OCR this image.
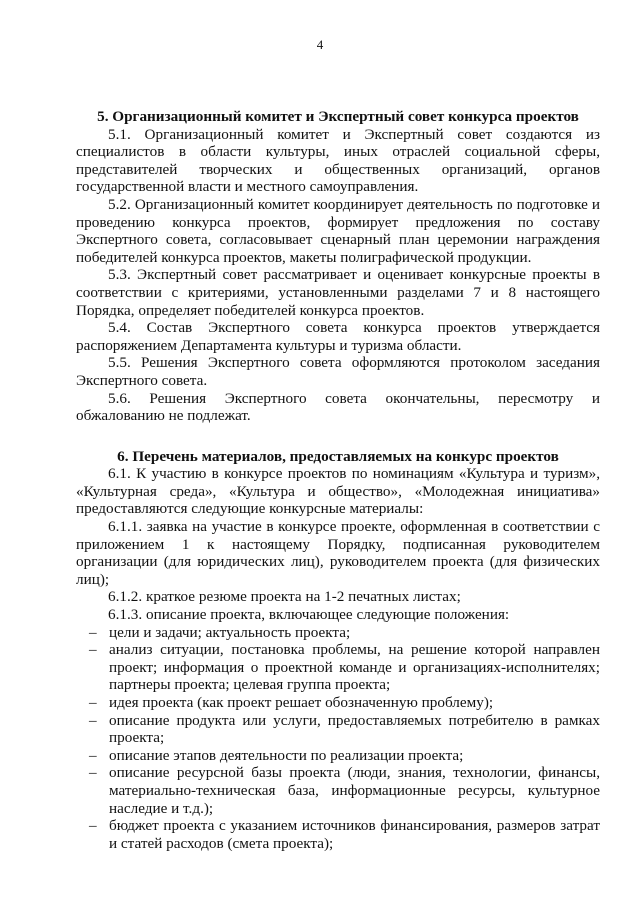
4
5. Организационный комитет и Экспертный совет конкурса проектов

5.1. Организационный комитет и Экспертный совет создаются из специалистов в области культуры, иных отраслей социальной сферы, представителей творческих и общественных организаций, органов государственной власти и местного самоуправления.

5.2. Организационный комитет координирует деятельность по подготовке и проведению конкурса проектов, формирует предложения по составу Экспертного совета, согласовывает сценарный план церемонии награждения победителей конкурса проектов, макеты полиграфической продукции.

5.3. Экспертный совет рассматривает и оценивает конкурсные проекты в соответствии с критериями, установленными разделами 7 и 8 настоящего Порядка, определяет победителей конкурса проектов.

5.4. Состав Экспертного совета конкурса проектов утверждается распоряжением Департамента культуры и туризма области.

5.5. Решения Экспертного совета оформляются протоколом заседания Экспертного совета.

5.6. Решения Экспертного совета окончательны, пересмотру и обжалованию не подлежат.

6. Перечень материалов, предоставляемых на конкурс проектов

6.1. К участию в конкурсе проектов по номинациям «Культура и туризм», «Культурная среда», «Культура и общество», «Молодежная инициатива» предоставляются следующие конкурсные материалы:

6.1.1. заявка на участие в конкурсе проекте, оформленная в соответствии с приложением 1 к настоящему Порядку, подписанная руководителем организации (для юридических лиц), руководителем проекта (для физических лиц);

6.1.2. краткое резюме проекта на 1-2 печатных листах;

6.1.3. описание проекта, включающее следующие положения:

– цели и задачи; актуальность проекта;
– анализ ситуации, постановка проблемы, на решение которой направлен проект; информация о проектной команде и организациях-исполнителях; партнеры проекта; целевая группа проекта;
– идея проекта (как проект решает обозначенную проблему);
– описание продукта или услуги, предоставляемых потребителю в рамках проекта;
– описание этапов деятельности по реализации проекта;
– описание ресурсной базы проекта (люди, знания, технологии, финансы, материально-техническая база, информационные ресурсы, культурное наследие и т.д.);
– бюджет проекта с указанием источников финансирования, размеров затрат и статей расходов (смета проекта);
